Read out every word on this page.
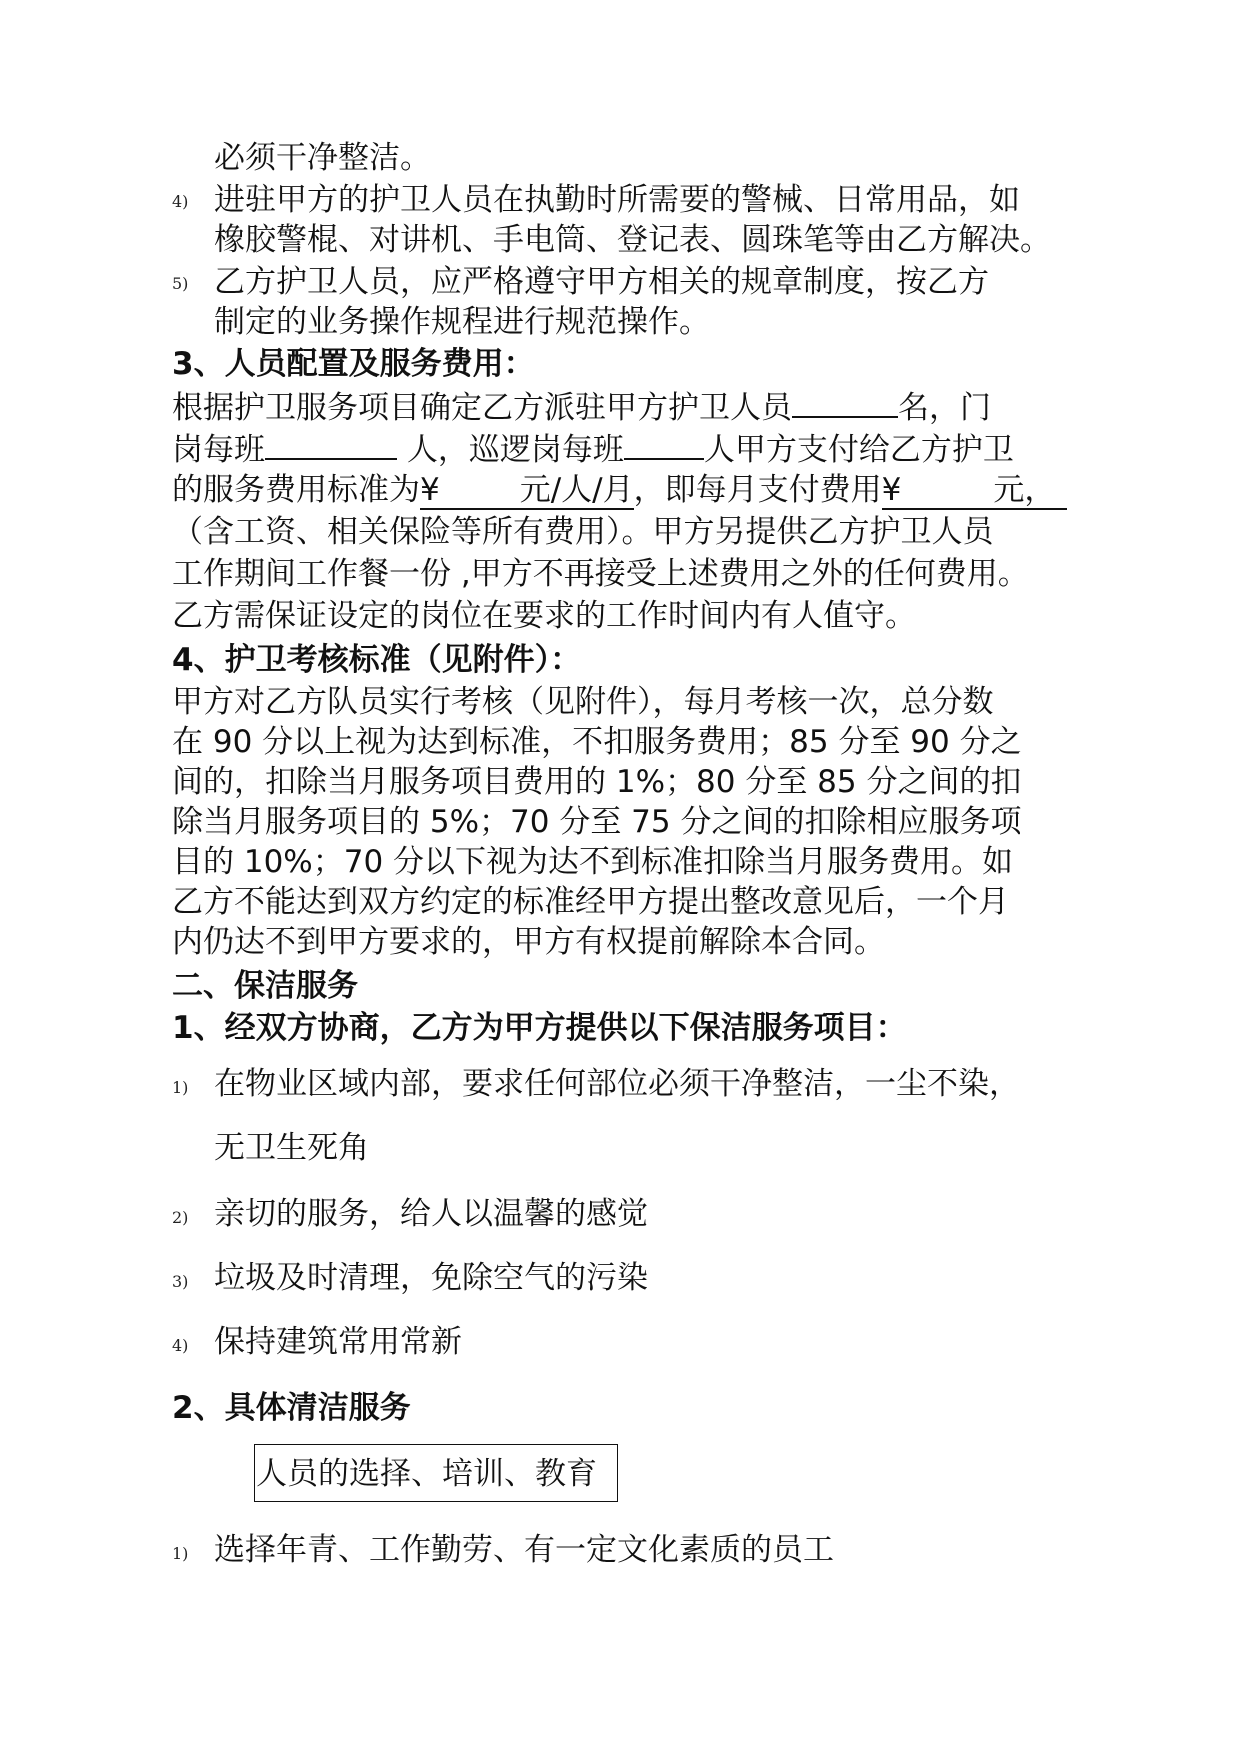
必须干净整洁。
4) 进驻甲方的护卫人员在执勤时所需要的警械、日常用品，如
橡胶警棍、对讲机、手电筒、登记表、圆珠笔等由乙方解决。
5) 乙方护卫人员，应严格遵守甲方相关的规章制度，按乙方
制定的业务操作规程进行规范操作。
3、人员配置及服务费用：
根据护卫服务项目确定乙方派驻甲方护卫人员	名，门
岗每班	人，巡逻岗每班	人甲方支付给乙方护卫
的服务费用标准为¥	元/人/月，即每月支付费用¥	元，
（含工资、相关保险等所有费用）。甲方另提供乙方护卫人员
工作期间工作餐一份 ,甲方不再接受上述费用之外的任何费用。
乙方需保证设定的岗位在要求的工作时间内有人值守。
4、护卫考核标准（见附件）：
甲方对乙方队员实行考核（见附件），每月考核一次，总分数
在 90 分以上视为达到标准，不扣服务费用；85 分至 90 分之
间的，扣除当月服务项目费用的 1%；80 分至 85 分之间的扣
除当月服务项目的 5%；70 分至 75 分之间的扣除相应服务项
目的 10%；70 分以下视为达不到标准扣除当月服务费用。如
乙方不能达到双方约定的标准经甲方提出整改意见后，一个月
内仍达不到甲方要求的，甲方有权提前解除本合同。
二、保洁服务
1、经双方协商，乙方为甲方提供以下保洁服务项目：
1) 在物业区域内部，要求任何部位必须干净整洁，一尘不染，
无卫生死角
2) 亲切的服务，给人以温馨的感觉
3) 垃圾及时清理，免除空气的污染
4) 保持建筑常用常新
2、具体清洁服务
人员的选择、培训、教育
1) 选择年青、工作勤劳、有一定文化素质的员工
